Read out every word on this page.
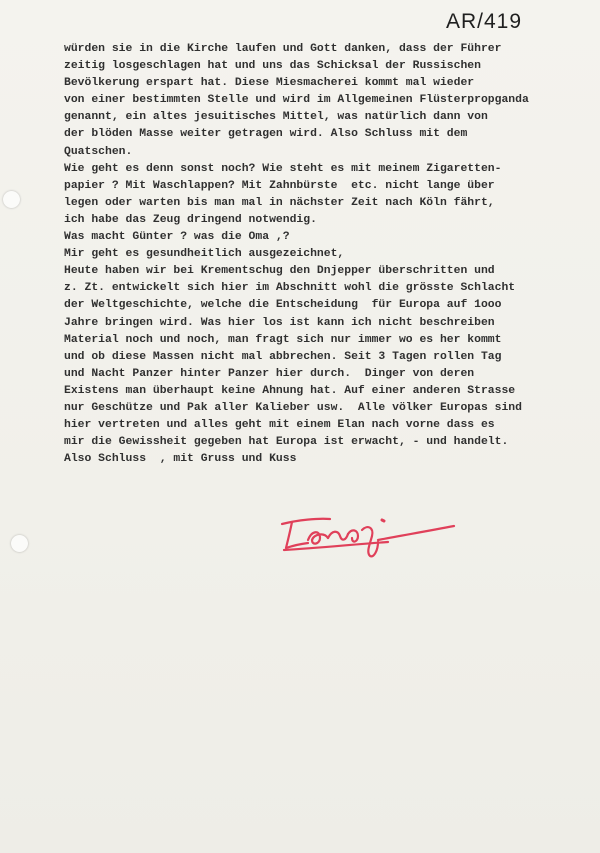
AR/419
würden sie in die Kirche laufen und Gott danken, dass der Führer
zeitig losgeschlagen hat und uns das Schicksal der Russischen
Bevölkerung erspart hat. Diese Miesmacherei kommt mal wieder
von einer bestimmten Stelle und wird im Allgemeinen Flüsterpropganda
genannt, ein altes jesuitisches Mittel, was natürlich dann von
der blöden Masse weiter getragen wird. Also Schluss mit dem
Quatschen.
Wie geht es denn sonst noch? Wie steht es mit meinem Zigaretten-
papier ? Mit Waschlappen? Mit Zahnbürste  etc. nicht lange über
legen oder warten bis man mal in nächster Zeit nach Köln fährt,
ich habe das Zeug dringend notwendig.
Was macht Günter ? was die Oma ,?
Mir geht es gesundheitlich ausgezeichnet,
Heute haben wir bei Krementschug den Dnjepper überschritten und
z. Zt. entwickelt sich hier im Abschnitt wohl die grösste Schlacht
der Weltgeschichte, welche die Entscheidung  für Europa auf 1ooo
Jahre bringen wird. Was hier los ist kann ich nicht beschreiben
Material noch und noch, man fragt sich nur immer wo es her kommt
und ob diese Massen nicht mal abbrechen. Seit 3 Tagen rollen Tag
und Nacht Panzer hinter Panzer hier durch.  Dinger von deren
Existens man überhaupt keine Ahnung hat. Auf einer anderen Strasse
nur Geschütze und Pak aller Kalieber usw.  Alle völker Europas sind
hier vertreten und alles geht mit einem Elan nach vorne dass es
mir die Gewissheit gegeben hat Europa ist erwacht, - und handelt.
Also Schluss  , mit Gruss und Kuss
